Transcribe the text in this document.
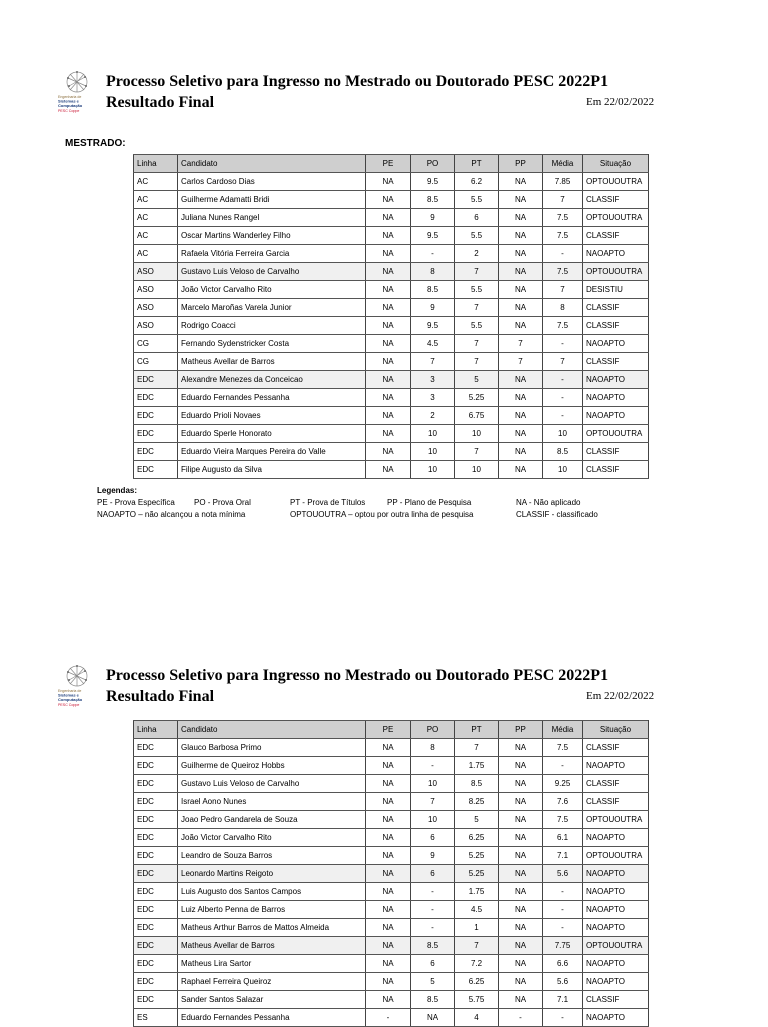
Engenharia de
Sistemas e
Computação
PESC Coppe
Processo Seletivo para Ingresso no Mestrado ou Doutorado PESC 2022P1
Resultado Final	Em 22/02/2022
MESTRADO:
Linha	Candidato	PE	PO	PT	PP	Média	Situação
AC	Carlos Cardoso Dias	NA	9.5	6.2	NA	7.85	OPTOUOUTRA
AC	Guilherme Adamatti Bridi	NA	8.5	5.5	NA	7	CLASSIF
AC	Juliana Nunes Rangel	NA	9	6	NA	7.5	OPTOUOUTRA
AC	Oscar Martins Wanderley Filho	NA	9.5	5.5	NA	7.5	CLASSIF
AC	Rafaela Vitória Ferreira Garcia	NA	-	2	NA	-	NAOAPTO
ASO	Gustavo Luis Veloso de Carvalho	NA	8	7	NA	7.5	OPTOUOUTRA
ASO	João Victor Carvalho Rito	NA	8.5	5.5	NA	7	DESISTIU
ASO	Marcelo Maroñas Varela Junior	NA	9	7	NA	8	CLASSIF
ASO	Rodrigo Coacci	NA	9.5	5.5	NA	7.5	CLASSIF
CG	Fernando Sydenstricker Costa	NA	4.5	7	7	-	NAOAPTO
CG	Matheus Avellar de Barros	NA	7	7	7	7	CLASSIF
EDC	Alexandre Menezes da Conceicao	NA	3	5	NA	-	NAOAPTO
EDC	Eduardo Fernandes Pessanha	NA	3	5.25	NA	-	NAOAPTO
EDC	Eduardo Prioli Novaes	NA	2	6.75	NA	-	NAOAPTO
EDC	Eduardo Sperle Honorato	NA	10	10	NA	10	OPTOUOUTRA
EDC	Eduardo Vieira Marques Pereira do Valle	NA	10	7	NA	8.5	CLASSIF
EDC	Filipe Augusto da Silva	NA	10	10	NA	10	CLASSIF
Legendas:
PE - Prova Específica PO - Prova Oral	PT - Prova de Títulos	PP - Plano de Pesquisa	NA - Não aplicado
NAOAPTO – não alcançou a nota mínima	OPTOUOUTRA – optou por outra linha de pesquisa	CLASSIF - classificado
Engenharia de
Sistemas e
Computação
PESC Coppe
Processo Seletivo para Ingresso no Mestrado ou Doutorado PESC 2022P1
Resultado Final	Em 22/02/2022
Linha	Candidato	PE	PO	PT	PP	Média	Situação
EDC	Glauco Barbosa Primo	NA	8	7	NA	7.5	CLASSIF
EDC	Guilherme de Queiroz Hobbs	NA	-	1.75	NA	-	NAOAPTO
EDC	Gustavo Luis Veloso de Carvalho	NA	10	8.5	NA	9.25	CLASSIF
EDC	Israel Aono Nunes	NA	7	8.25	NA	7.6	CLASSIF
EDC	Joao Pedro Gandarela de Souza	NA	10	5	NA	7.5	OPTOUOUTRA
EDC	João Victor Carvalho Rito	NA	6	6.25	NA	6.1	NAOAPTO
EDC	Leandro de Souza Barros	NA	9	5.25	NA	7.1	OPTOUOUTRA
EDC	Leonardo Martins Reigoto	NA	6	5.25	NA	5.6	NAOAPTO
EDC	Luis Augusto dos Santos Campos	NA	-	1.75	NA	-	NAOAPTO
EDC	Luiz Alberto Penna de Barros	NA	-	4.5	NA	-	NAOAPTO
EDC	Matheus Arthur Barros de Mattos Almeida	NA	-	1	NA	-	NAOAPTO
EDC	Matheus Avellar de Barros	NA	8.5	7	NA	7.75	OPTOUOUTRA
EDC	Matheus Lira Sartor	NA	6	7.2	NA	6.6	NAOAPTO
EDC	Raphael Ferreira Queiroz	NA	5	6.25	NA	5.6	NAOAPTO
EDC	Sander Santos Salazar	NA	8.5	5.75	NA	7.1	CLASSIF
ES	Eduardo Fernandes Pessanha	-	NA	4	-	-	NAOAPTO
